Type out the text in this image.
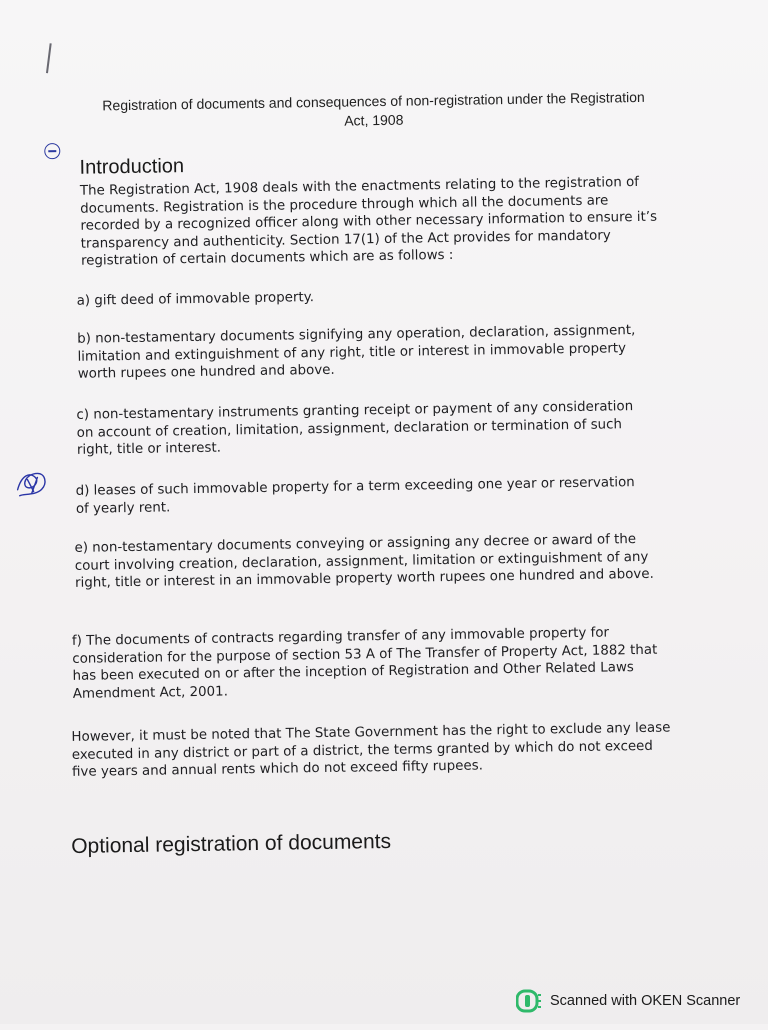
Registration of documents and consequences of non-registration under the Registration Act, 1908
Introduction
The Registration Act, 1908 deals with the enactments relating to the registration of documents. Registration is the procedure through which all the documents are recorded by a recognized officer along with other necessary information to ensure it’s transparency and authenticity. Section 17(1) of the Act provides for mandatory registration of certain documents which are as follows :
a) gift deed of immovable property.
b) non-testamentary documents signifying any operation, declaration, assignment, limitation and extinguishment of any right, title or interest in immovable property worth rupees one hundred and above.
c) non-testamentary instruments granting receipt or payment of any consideration on account of creation, limitation, assignment, declaration or termination of such right, title or interest.
d) leases of such immovable property for a term exceeding one year or reservation of yearly rent.
e) non-testamentary documents conveying or assigning any decree or award of the court involving creation, declaration, assignment, limitation or extinguishment of any right, title or interest in an immovable property worth rupees one hundred and above.
f) The documents of contracts regarding transfer of any immovable property for consideration for the purpose of section 53 A of The Transfer of Property Act, 1882 that has been executed on or after the inception of Registration and Other Related Laws Amendment Act, 2001.
However, it must be noted that The State Government has the right to exclude any lease executed in any district or part of a district, the terms granted by which do not exceed five years and annual rents which do not exceed fifty rupees.
Optional registration of documents
Scanned with OKEN Scanner
